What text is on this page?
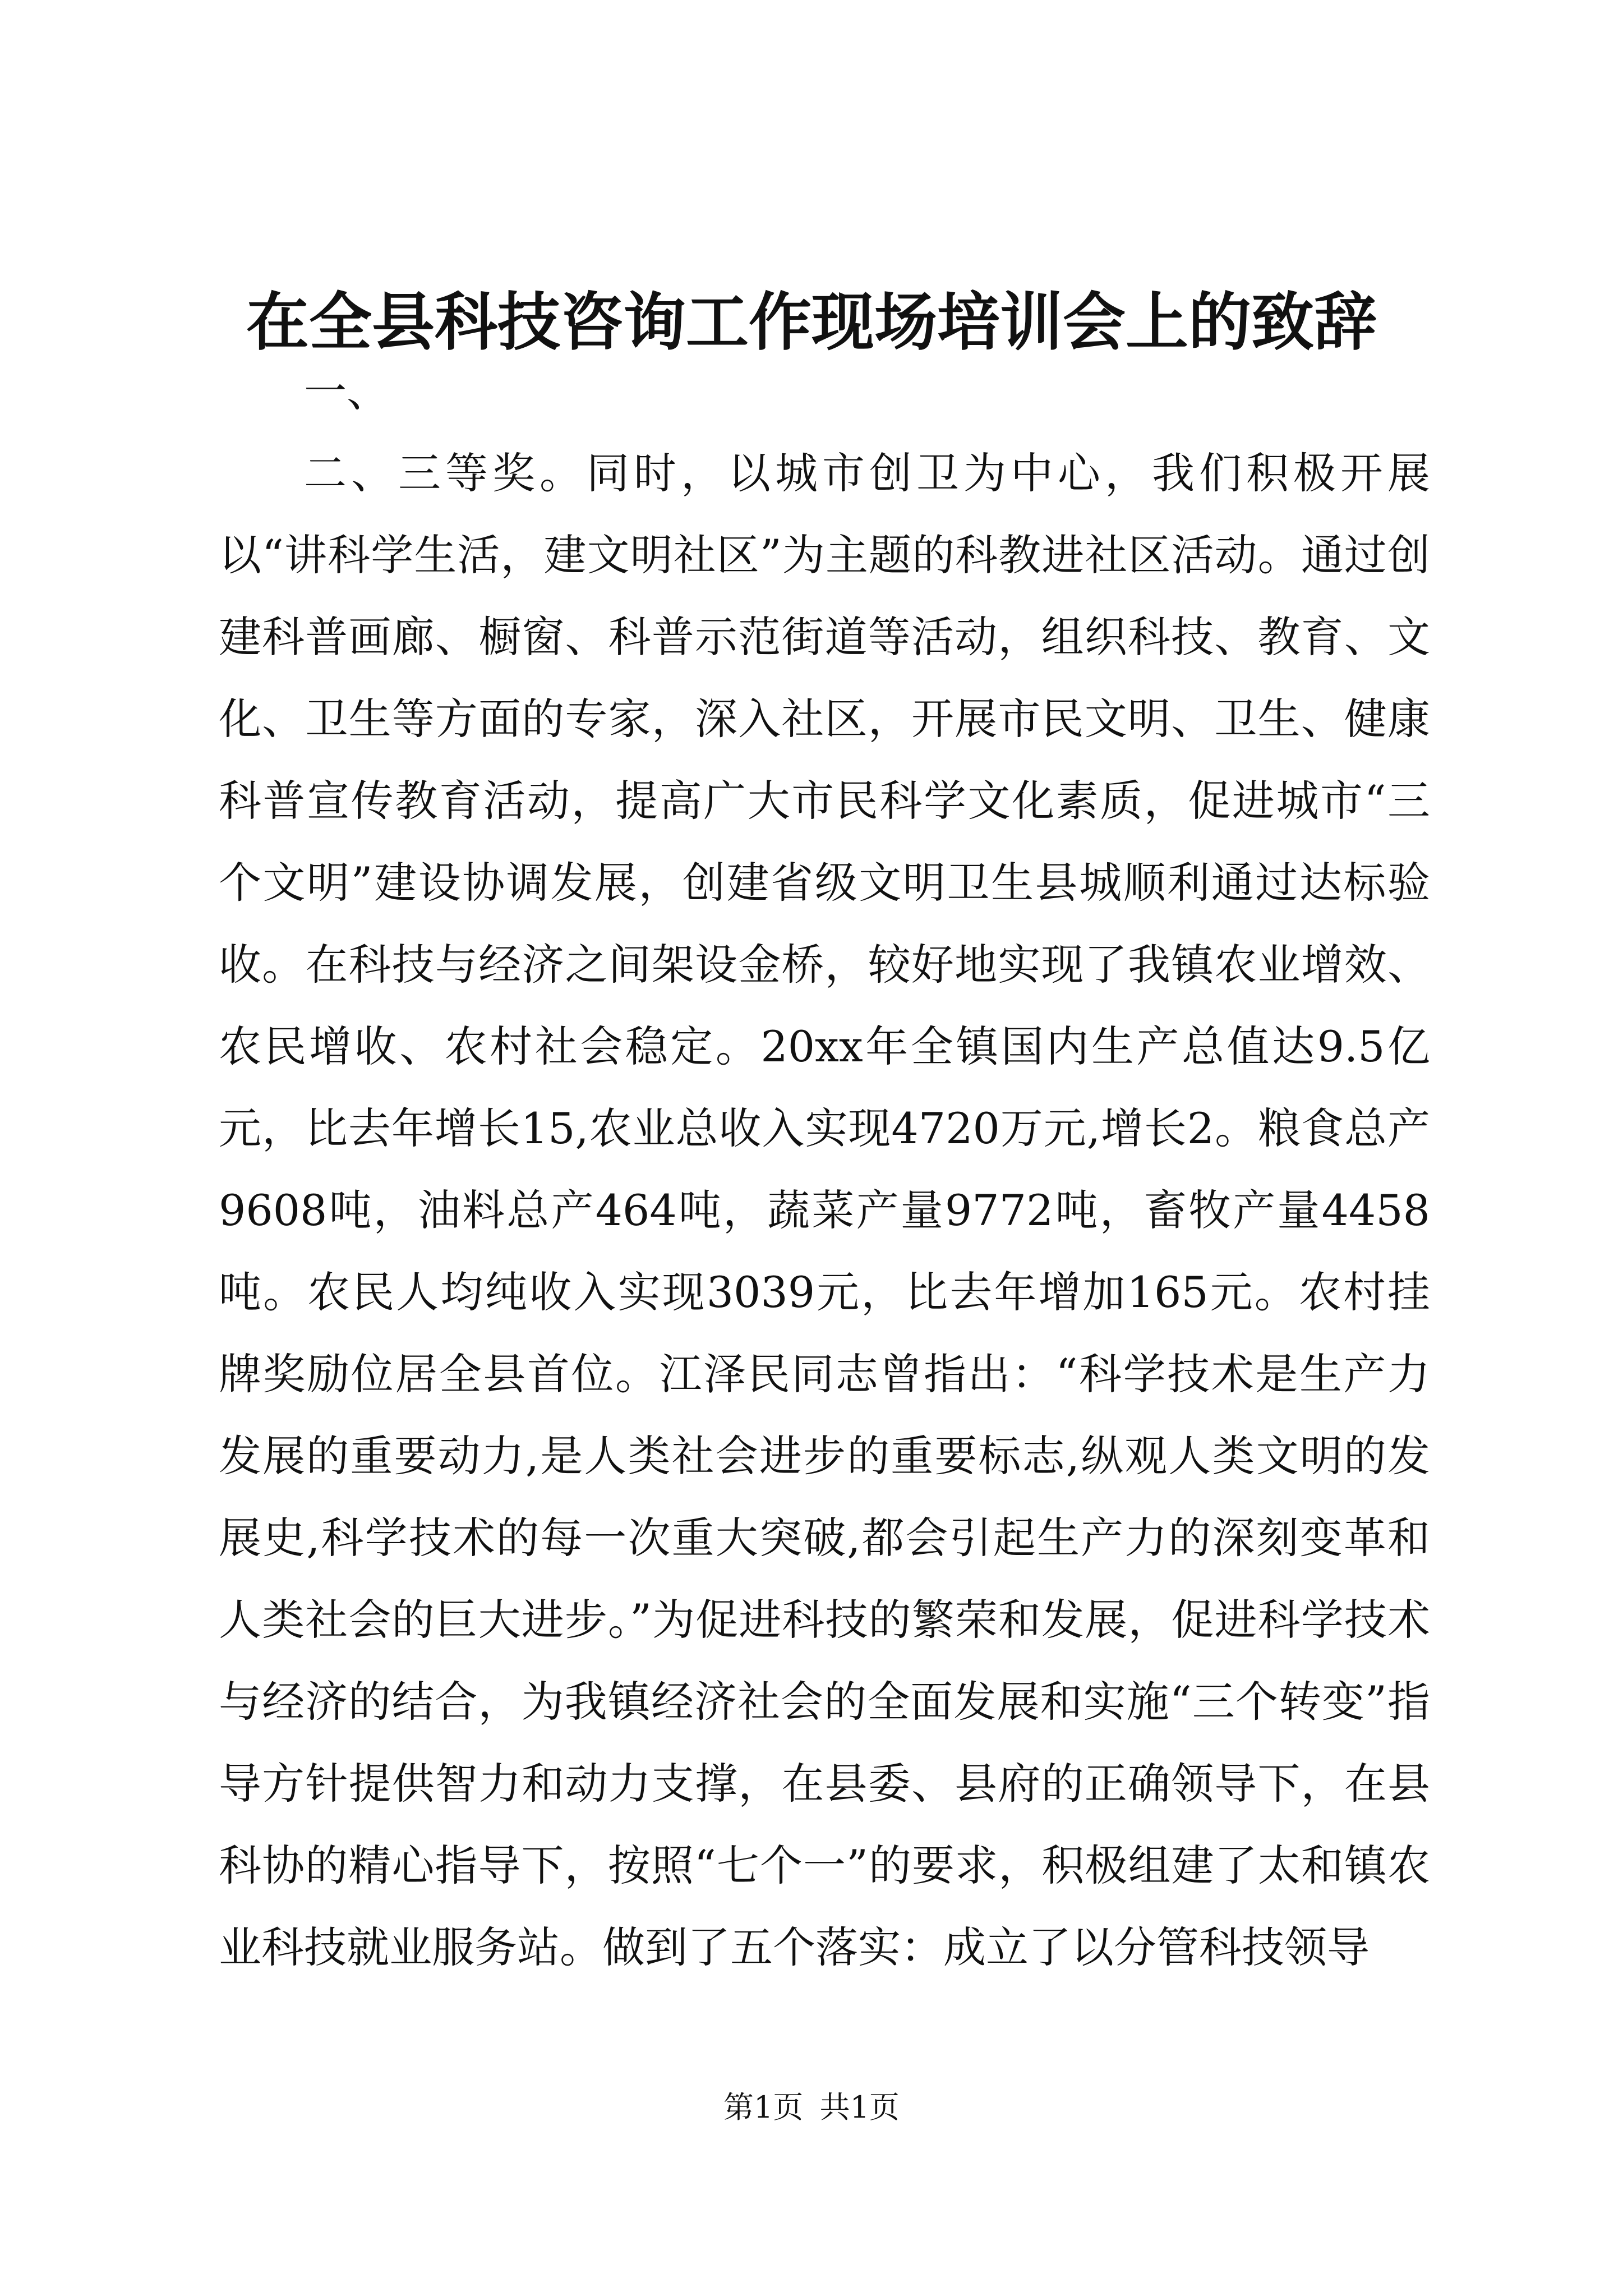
在全县科技咨询工作现场培训会上的致辞

一、

二、三等奖。同时，以城市创卫为中心，我们积极开展以“讲科学生活，建文明社区”为主题的科教进社区活动。通过创建科普画廊、橱窗、科普示范街道等活动，组织科技、教育、文化、卫生等方面的专家，深入社区，开展市民文明、卫生、健康科普宣传教育活动，提高广大市民科学文化素质，促进城市“三个文明”建设协调发展，创建省级文明卫生县城顺利通过达标验收。在科技与经济之间架设金桥，较好地实现了我镇农业增效、农民增收、农村社会稳定。20xx年全镇国内生产总值达9.5亿元，比去年增长15,农业总收入实现4720万元,增长2。粮食总产9608吨，油料总产464吨，蔬菜产量9772吨，畜牧产量4458吨。农民人均纯收入实现3039元，比去年增加165元。农村挂牌奖励位居全县首位。江泽民同志曾指出：“科学技术是生产力发展的重要动力,是人类社会进步的重要标志,纵观人类文明的发展史,科学技术的每一次重大突破,都会引起生产力的深刻变革和人类社会的巨大进步。”为促进科技的繁荣和发展，促进科学技术与经济的结合，为我镇经济社会的全面发展和实施“三个转变”指导方针提供智力和动力支撑，在县委、县府的正确领导下，在县科协的精心指导下，按照“七个一”的要求，积极组建了太和镇农业科技就业服务站。做到了五个落实：成立了以分管科技领导

第1页 共1页
